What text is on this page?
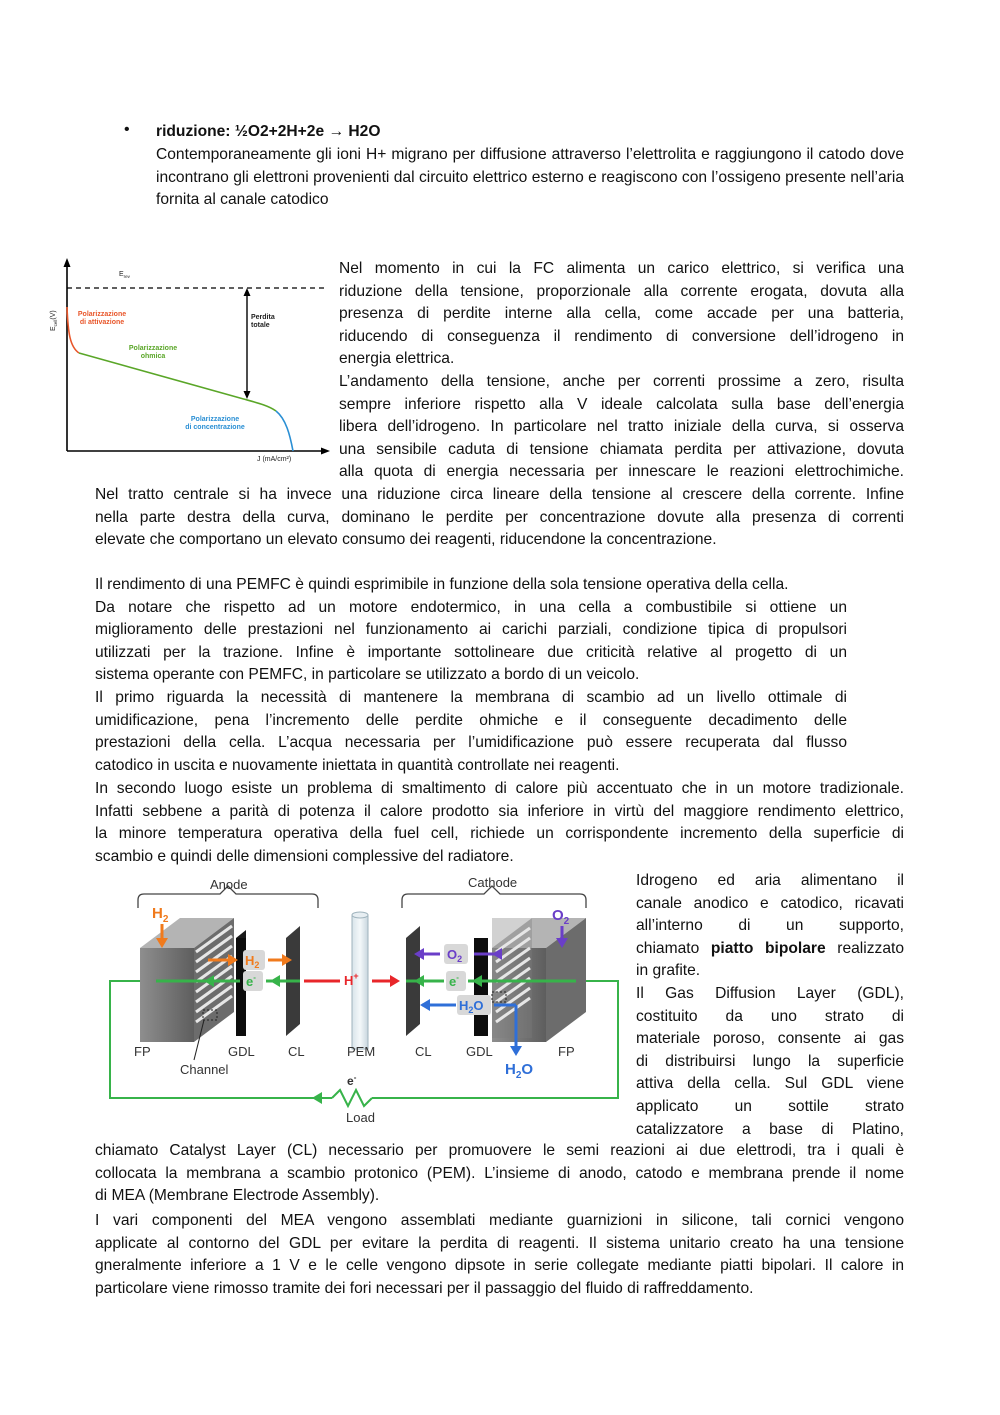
• riduzione: ½O2+2H+2e → H2O
Contemporaneamente gli ioni H+ migrano per diffusione attraverso l’elettrolita e raggiungono il catodo dove incontrano gli elettroni provenienti dal circuito elettrico esterno e reagiscono con l’ossigeno presente nell’aria fornita al canale catodico
$E_{rev}$
$E_{cell}(V)$
J (mA/cm²)
Perdita totale
Polarizzazione di attivazione
Polarizzazione ohmica
Polarizzazione di concentrazione
Nel momento in cui la FC alimenta un carico elettrico, si verifica una
riduzione della tensione, proporzionale alla corrente erogata, dovuta alla
presenza di perdite interne alla cella, come accade per una batteria,
riducendo di conseguenza il rendimento di conversione dell’idrogeno in
energia elettrica.
L’andamento della tensione, anche per correnti prossime a zero, risulta
sempre inferiore rispetto alla V ideale calcolata sulla base dell’energia
libera dell’idrogeno. In particolare nel tratto iniziale della curva, si osserva
una sensibile caduta di tensione chiamata perdita per attivazione, dovuta
alla quota di energia necessaria per innescare le reazioni elettrochimiche.
Nel tratto centrale si ha invece una riduzione circa lineare della tensione al crescere della corrente. Infine
nella parte destra della curva, dominano le perdite per concentrazione dovute alla presenza di correnti
elevate che comportano un elevato consumo dei reagenti, riducendone la concentrazione.
Il rendimento di una PEMFC è quindi esprimibile in funzione della sola tensione operativa della cella.
Da notare che rispetto ad un motore endotermico, in una cella a combustibile si ottiene un
miglioramento delle prestazioni nel funzionamento ai carichi parziali, condizione tipica di propulsori
utilizzati per la trazione. Infine è importante sottolineare due criticità relative al progetto di un
sistema operante con PEMFC, in particolare se utilizzato a bordo di un veicolo.
Il primo riguarda la necessità di mantenere la membrana di scambio ad un livello ottimale di
umidificazione, pena l’incremento delle perdite ohmiche e il conseguente decadimento delle
prestazioni della cella. L’acqua necessaria per l’umidificazione può essere recuperata dal flusso
catodico in uscita e nuovamente iniettata in quantità controllate nei reagenti.
In secondo luogo esiste un problema di smaltimento di calore più accentuato che in un motore tradizionale.
Infatti sebbene a parità di potenza il calore prodotto sia inferiore in virtù del maggiore rendimento elettrico,
la minore temperatura operativa della fuel cell, richiede un corrispondente incremento della superficie di
scambio e quindi delle dimensioni complessive del radiatore.
Anode	Cathode
$H_2$
$H_2$
e-	H+
$O_2$
$O_2$
e-
$H_2O$
$H_2O$
e-
Load
FP	GDL	CL	PEM	CL	GDL	FP
Channel
Idrogeno ed aria alimentano il
canale anodico e catodico, ricavati
all’interno di un supporto,
chiamato piatto bipolare realizzato
in grafite.
Il Gas Diffusion Layer (GDL),
costituito da uno strato di
materiale poroso, consente ai gas
di distribuirsi lungo la superficie
attiva della cella. Sul GDL viene
applicato un sottile strato
catalizzatore a base di Platino,
chiamato Catalyst Layer (CL) necessario per promuovere le semi reazioni ai due elettrodi, tra i quali è
collocata la membrana a scambio protonico (PEM). L’insieme di anodo, catodo e membrana prende il nome
di MEA (Membrane Electrode Assembly).
I vari componenti del MEA vengono assemblati mediante guarnizioni in silicone, tali cornici vengono
applicate al contorno del GDL per evitare la perdita di reagenti. Il sistema unitario creato ha una tensione
gneralmente inferiore a 1 V e le celle vengono dipsote in serie collegate mediante piatti bipolari. Il calore in
particolare viene rimosso tramite dei fori necessari per il passaggio del fluido di raffreddamento.
